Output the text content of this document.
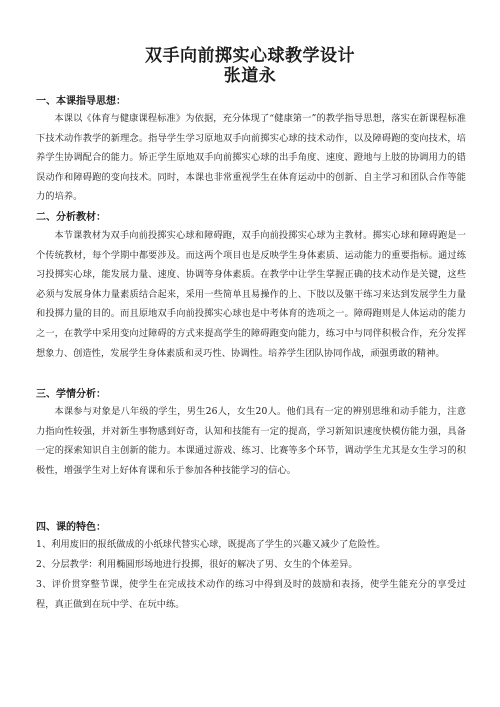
双手向前掷实心球教学设计
张道永
一、本课指导思想：
本课以《体育与健康课程标准》为依据，充分体现了“健康第一”的教学指导思想，落实在新课程标准下技术动作教学的新理念。指导学生学习原地双手向前掷实心球的技术动作，以及障碍跑的变向技术，培养学生协调配合的能力。矫正学生原地双手向前掷实心球的出手角度、速度、蹬地与上肢的协调用力的错误动作和障碍跑的变向技术。同时，本课也非常重视学生在体育运动中的创新、自主学习和团队合作等能力的培养。
二、分析教材：
本节课教材为双手向前投掷实心球和障碍跑，双手向前投掷实心球为主教材。掷实心球和障碍跑是一个传统教材，每个学期中都要涉及。而这两个项目也是反映学生身体素质、运动能力的重要指标。通过练习投掷实心球，能发展力量、速度、协调等身体素质。在教学中让学生掌握正确的技术动作是关键，这些必须与发展身体力量素质结合起来，采用一些简单且易操作的上、下肢以及躯干练习来达到发展学生力量和投掷力量的目的。而且原地双手向前投掷实心球也是中考体育的选项之一。障碍跑则是人体运动的能力之一，在教学中采用变向过障碍的方式来提高学生的障碍跑变向能力，练习中与同伴积极合作，充分发挥想象力、创造性，发展学生身体素质和灵巧性、协调性。培养学生团队协同作战，顽强勇敢的精神。
三、学情分析：
本课参与对象是八年级的学生，男生26人，女生20人。他们具有一定的辨别思维和动手能力，注意力指向性较强，并对新生事物感到好奇，认知和技能有一定的提高，学习新知识速度快模仿能力强，具备一定的探索知识自主创新的能力。本课通过游戏、练习、比赛等多个环节，调动学生尤其是女生学习的积极性，增强学生对上好体育课和乐于参加各种技能学习的信心。
四、课的特色：
1、利用废旧的报纸做成的小纸球代替实心球，既提高了学生的兴趣又减少了危险性。
2、分层教学：利用椭圆形场地进行投掷，很好的解决了男、女生的个体差异。
3、评价贯穿整节课，使学生在完成技术动作的练习中得到及时的鼓励和表扬，使学生能充分的享受过程，真正做到在玩中学、在玩中练。
